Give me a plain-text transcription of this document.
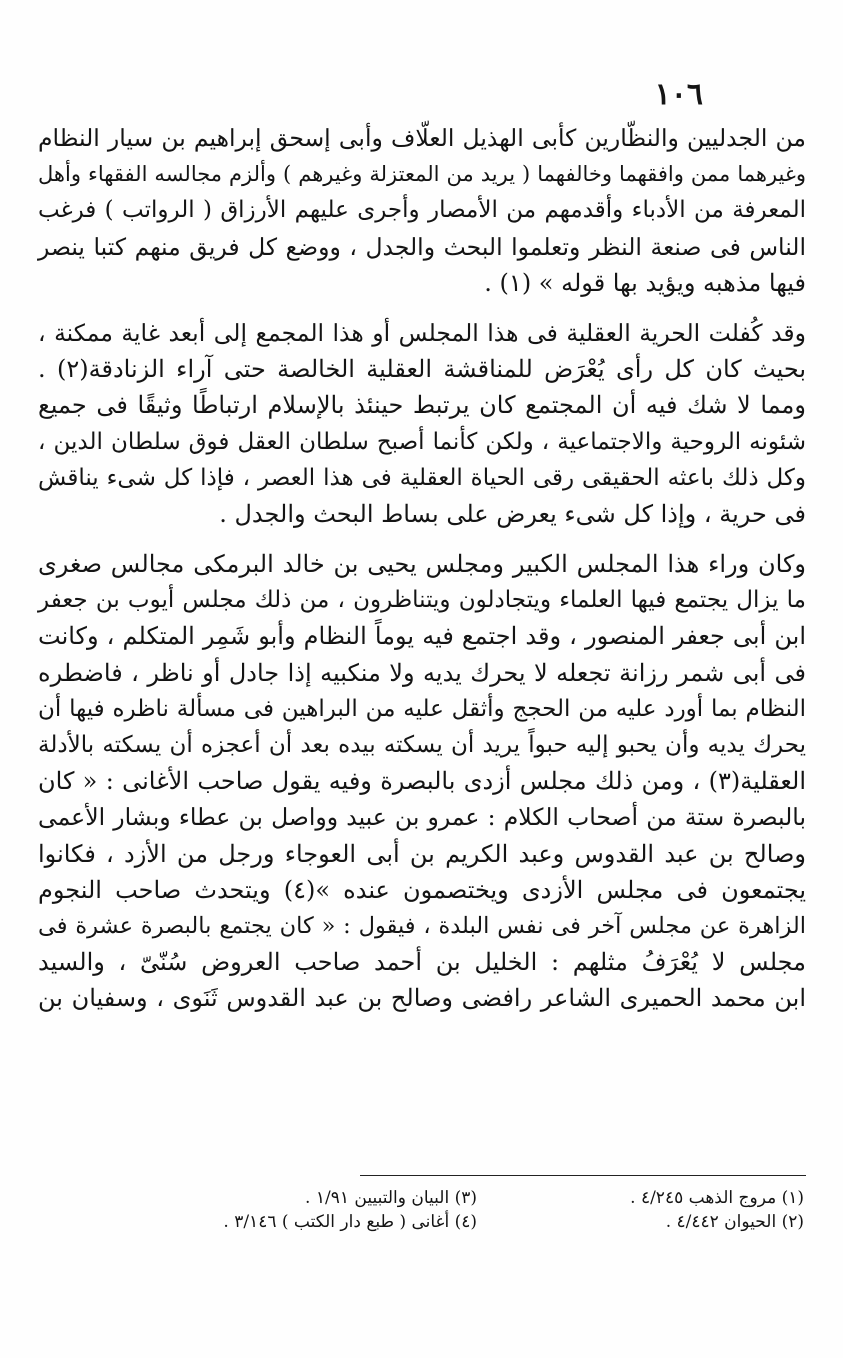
١٠٦
من الجدليين والنظّارين كأبى الهذيل العلّاف وأبى إسحق إبراهيم بن سيار النظام
وغيرهما ممن وافقهما وخالفهما ( يريد من المعتزلة وغيرهم ) وألزم مجالسه الفقهاء وأهل
المعرفة من الأدباء وأقدمهم من الأمصار وأجرى عليهم الأرزاق ( الرواتب ) فرغب
الناس فى صنعة النظر وتعلموا البحث والجدل ، ووضع كل فريق منهم كتبا ينصر
فيها مذهبه ويؤيد بها قوله » (١) .
وقد كُفلت الحرية العقلية فى هذا المجلس أو هذا المجمع إلى أبعد غاية ممكنة ،
بحيث كان كل رأى يُعْرَض للمناقشة العقلية الخالصة حتى آراء الزنادقة(٢) .
ومما لا شك فيه أن المجتمع كان يرتبط حينئذ بالإسلام ارتباطًا وثيقًا فى جميع
شئونه الروحية والاجتماعية ، ولكن كأنما أصبح سلطان العقل فوق سلطان الدين ،
وكل ذلك باعثه الحقيقى رقى الحياة العقلية فى هذا العصر ، فإذا كل شىء يناقش
فى حرية ، وإذا كل شىء يعرض على بساط البحث والجدل .
وكان وراء هذا المجلس الكبير ومجلس يحيى بن خالد البرمكى مجالس صغرى
ما يزال يجتمع فيها العلماء ويتجادلون ويتناظرون ، من ذلك مجلس أيوب بن جعفر
ابن أبى جعفر المنصور ، وقد اجتمع فيه يوماً النظام وأبو شَمِر المتكلم ، وكانت
فى أبى شمر رزانة تجعله لا يحرك يديه ولا منكبيه إذا جادل أو ناظر ، فاضطره
النظام بما أورد عليه من الحجج وأثقل عليه من البراهين فى مسألة ناظره فيها أن
يحرك يديه وأن يحبو إليه حبواً يريد أن يسكته بيده بعد أن أعجزه أن يسكته بالأدلة
العقلية(٣) ، ومن ذلك مجلس أزدى بالبصرة وفيه يقول صاحب الأغانى : « كان
بالبصرة ستة من أصحاب الكلام : عمرو بن عبيد وواصل بن عطاء وبشار الأعمى
وصالح بن عبد القدوس وعبد الكريم بن أبى العوجاء ورجل من الأزد ، فكانوا
يجتمعون فى مجلس الأزدى ويختصمون عنده »(٤) ويتحدث صاحب النجوم
الزاهرة عن مجلس آخر فى نفس البلدة ، فيقول : « كان يجتمع بالبصرة عشرة فى
مجلس لا يُعْرَفُ مثلهم : الخليل بن أحمد صاحب العروض سُنّىّ ، والسيد
ابن محمد الحميرى الشاعر رافضى وصالح بن عبد القدوس ثَنَوى ، وسفيان بن
(١) مروج الذهب ٤/٢٤٥ .
(٣) البيان والتبيين ١/٩١ .
(٢) الحيوان ٤/٤٤٢ .
(٤) أغانى ( طبع دار الكتب ) ٣/١٤٦ .
